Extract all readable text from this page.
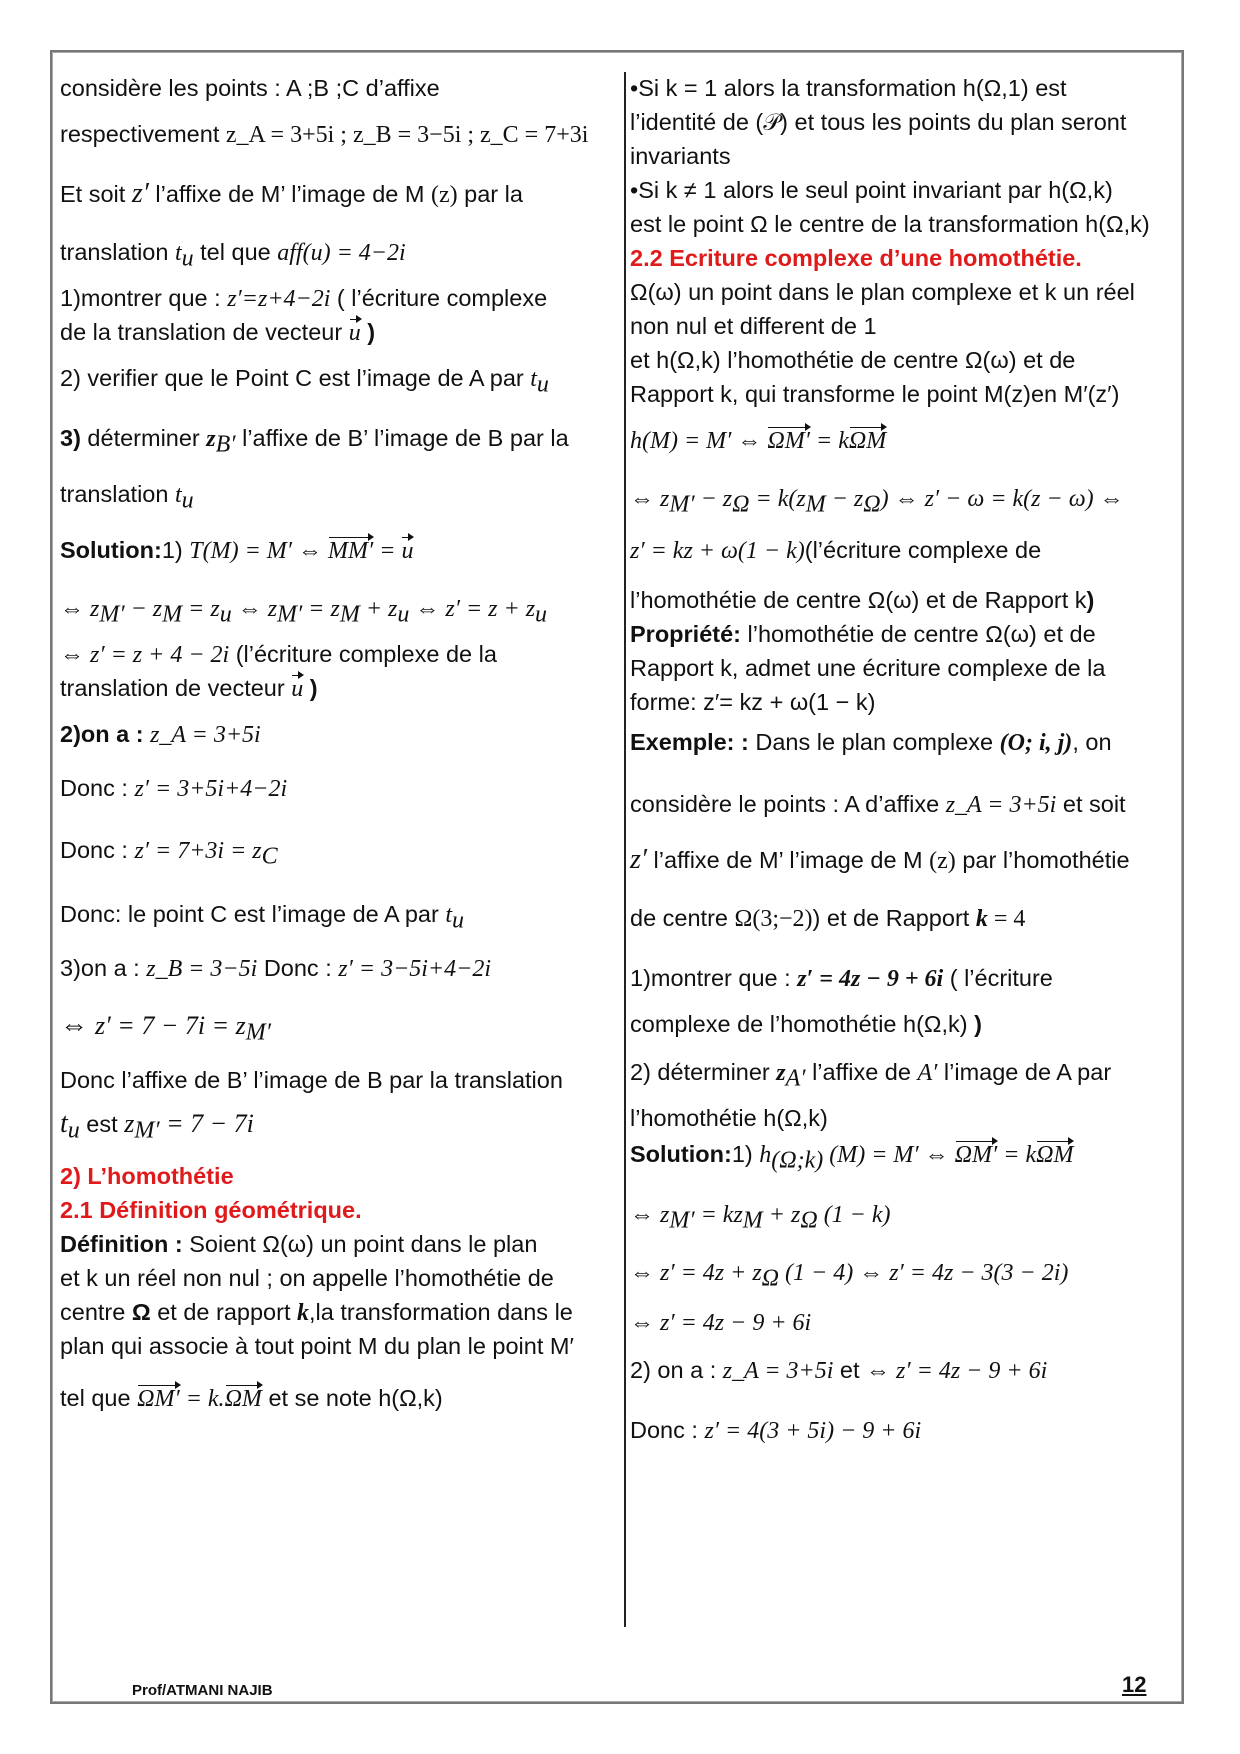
considère les points : A ;B ;C d’affixe
respectivement z_A = 3+5i ; z_B = 3−5i ; z_C = 7+3i
Et soit z′ l’affixe de M’ l’image de M (z) par la
translation $t_u$ tel que aff(u) = 4−2i
1)montrer que : z′=z+4−2i ( l’écriture complexe
de la translation de vecteur u )
2) verifier que le Point C est l’image de A par $t_u$
3) déterminer $z_{B'}$ l’affixe de B’ l’image de B par la
translation $t_u$
Solution:1) T(M) = M′ ⇔ MM′ = u
⇔ $z_{M'} - z_M = z_u$ ⇔ $z_{M'} = z_M + z_u$ ⇔ $z' = z + z_u$
⇔ z′ = z + 4 − 2i (l’écriture complexe de la
translation de vecteur u )
2)on a : z_A = 3+5i
Donc : z′ = 3+5i+4−2i
Donc : $z' = 7+3i = z_C$
Donc: le point C est l’image de A par $t_u$
3)on a : z_B = 3−5i Donc : z′ = 3−5i+4−2i
⇔ $z' = 7 - 7i = z_{M'}$
Donc l’affixe de B’ l’image de B par la translation
$t_u$ est $z_{M'} = 7 - 7i$
2) L’homothétie
2.1 Définition géométrique.
Définition : Soient Ω(ω) un point dans le plan
et k un réel non nul ; on appelle l’homothétie de
centre Ω et de rapport k,la transformation dans le
plan qui associe à tout point M du plan le point M′
tel que ΩM′ = k.ΩM et se note h(Ω,k)
•Si k = 1 alors la transformation h(Ω,1) est
l’identité de (𝒫) et tous les points du plan seront
invariants
•Si k ≠ 1 alors le seul point invariant par h(Ω,k)
est le point Ω le centre de la transformation h(Ω,k)
2.2 Ecriture complexe d’une homothétie.
Ω(ω) un point dans le plan complexe et k un réel
non nul et different de 1
et h(Ω,k) l’homothétie de centre Ω(ω) et de
Rapport k, qui transforme le point M(z)en M′(z′)
h(M) = M′ ⇔ ΩM′ = kΩM
⇔ $z_{M'} - z_\Omega = k(z_M - z_\Omega)$ ⇔ z′ − ω = k(z − ω) ⇔
z′ = kz + ω(1 − k)(l’écriture complexe de
l’homothétie de centre Ω(ω) et de Rapport k)
Propriété: l’homothétie de centre Ω(ω) et de
Rapport k, admet une écriture complexe de la
forme: z′= kz + ω(1 − k)
Exemple: : Dans le plan complexe (O; i, j), on
considère le points : A d’affixe z_A = 3+5i et soit
z′ l’affixe de M’ l’image de M (z) par l’homothétie
de centre Ω(3;−2)) et de Rapport k = 4
1)montrer que : z′ = 4z − 9 + 6i ( l’écriture
complexe de l’homothétie h(Ω,k) )
2) déterminer $z_{A'}$ l’affixe de A′ l’image de A par
l’homothétie h(Ω,k)
Solution:1) $h_{(\Omega;k)}$ (M) = M′ ⇔ ΩM′ = kΩM
⇔ $z_{M'} = kz_M + z_\Omega$ (1 − k)
⇔ $z' = 4z + z_\Omega$ (1 − 4) ⇔ z′ = 4z − 3(3 − 2i)
⇔ z′ = 4z − 9 + 6i
2) on a : z_A = 3+5i et ⇔ z′ = 4z − 9 + 6i
Donc : z′ = 4(3 + 5i) − 9 + 6i
Prof/ATMANI NAJIB	12
